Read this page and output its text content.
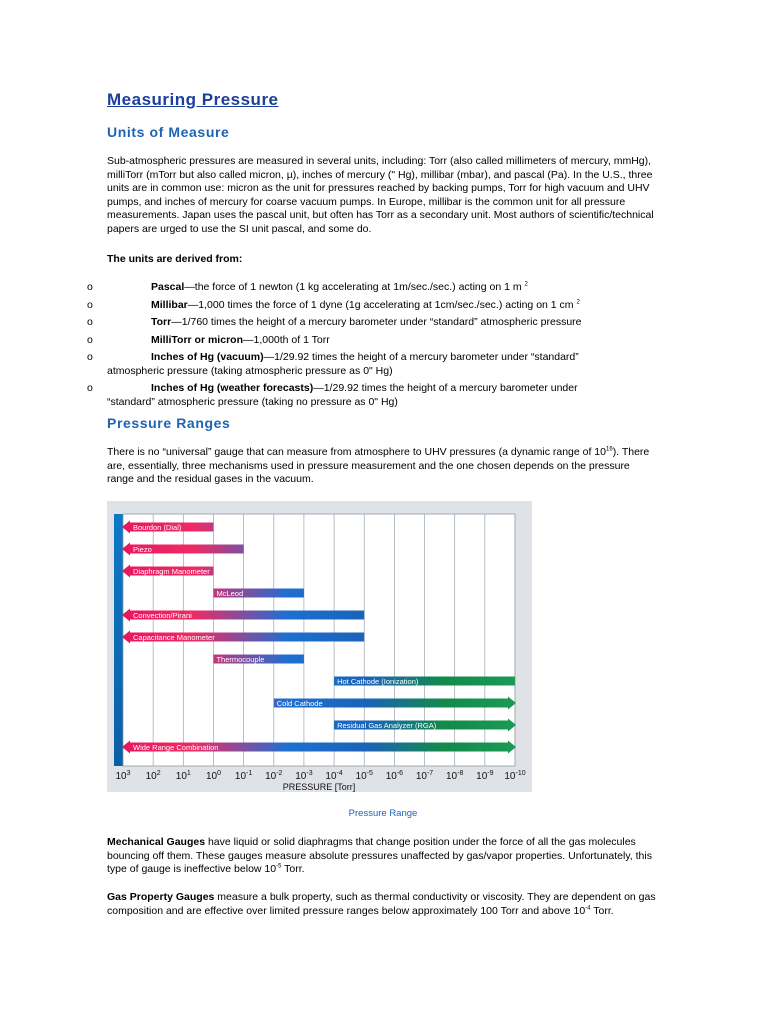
Measuring Pressure
Units of Measure

Sub-atmospheric pressures are measured in several units, including: Torr (also called millimeters of mercury, mmHg), milliTorr (mTorr but also called micron, µ), inches of mercury (" Hg), millibar (mbar), and pascal (Pa). In the U.S., three units are in common use: micron as the unit for pressures reached by backing pumps, Torr for high vacuum and UHV pumps, and inches of mercury for coarse vacuum pumps. In Europe, millibar is the common unit for all pressure measurements. Japan uses the pascal unit, but often has Torr as a secondary unit. Most authors of scientific/technical papers are urged to use the SI unit pascal, and some do.

The units are derived from:

o	Pascal—the force of 1 newton (1 kg accelerating at 1m/sec./sec.) acting on 1 m $^2$
o	Millibar—1,000 times the force of 1 dyne (1g accelerating at 1cm/sec./sec.) acting on 1 cm $^2$
o	Torr—1/760 times the height of a mercury barometer under “standard” atmospheric pressure
o	MilliTorr or micron—1,000th of 1 Torr
o	Inches of Hg (vacuum)—1/29.92 times the height of a mercury barometer under “standard” atmospheric pressure (taking atmospheric pressure as 0" Hg)
o	Inches of Hg (weather forecasts)—1/29.92 times the height of a mercury barometer under “standard” atmospheric pressure (taking no pressure as 0" Hg)
Pressure Ranges

There is no “universal” gauge that can measure from atmosphere to UHV pressures (a dynamic range of $10^{16}$). There are, essentially, three mechanisms used in pressure measurement and the one chosen depends on the pressure range and the residual gases in the vacuum.

Bourdon (Dial)
Piezo
Diaphragm Manometer
McLeod
Convection/Pirani
Capacitance Manometer
Thermocouple
Hot Cathode (Ionization)
Cold Cathode
Residual Gas Analyzer (RGA)
Wide Range Combination
$10^3$ $10^2$ $10^1$ $10^0$ $10^{-1}$ $10^{-2}$ $10^{-3}$ $10^{-4}$ $10^{-5}$ $10^{-6}$ $10^{-7}$ $10^{-8}$ $10^{-9}$ $10^{-10}$
PRESSURE [Torr]

Pressure Range

Mechanical Gauges have liquid or solid diaphragms that change position under the force of all the gas molecules bouncing off them. These gauges measure absolute pressures unaffected by gas/vapor properties. Unfortunately, this type of gauge is ineffective below $10^{-5}$ Torr.

Gas Property Gauges measure a bulk property, such as thermal conductivity or viscosity. They are dependent on gas composition and are effective over limited pressure ranges below approximately 100 Torr and above $10^{-4}$ Torr.
